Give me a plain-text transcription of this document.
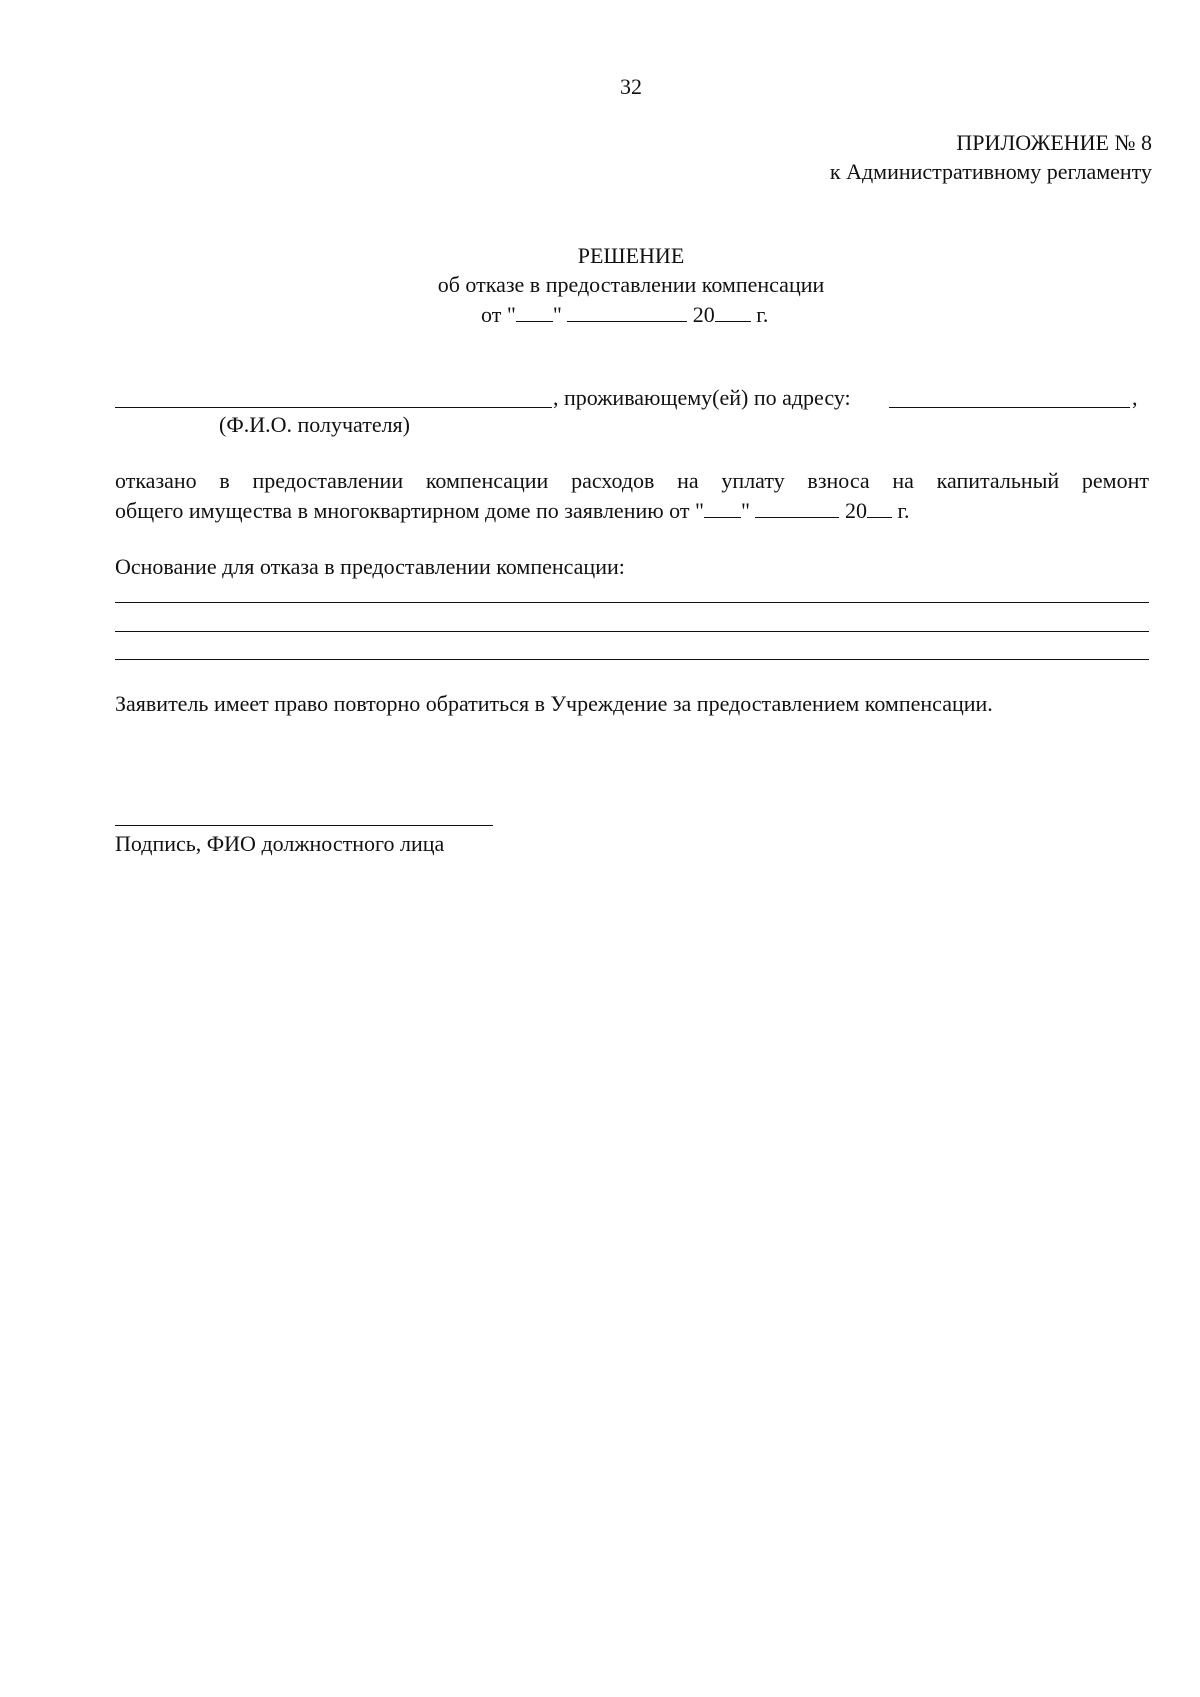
32
ПРИЛОЖЕНИЕ № 8
к Административному регламенту
РЕШЕНИЕ
об отказе в предоставлении компенсации
от " "	20 г.
, проживающему(ей) по адресу:	,
(Ф.И.О. получателя)
отказано в предоставлении компенсации расходов на уплату взноса на капитальный ремонт
общего имущества в многоквартирном доме по заявлению от " "	20 г.
Основание для отказа в предоставлении компенсации:
Заявитель имеет право повторно обратиться в Учреждение за предоставлением компенсации.
Подпись, ФИО должностного лица
